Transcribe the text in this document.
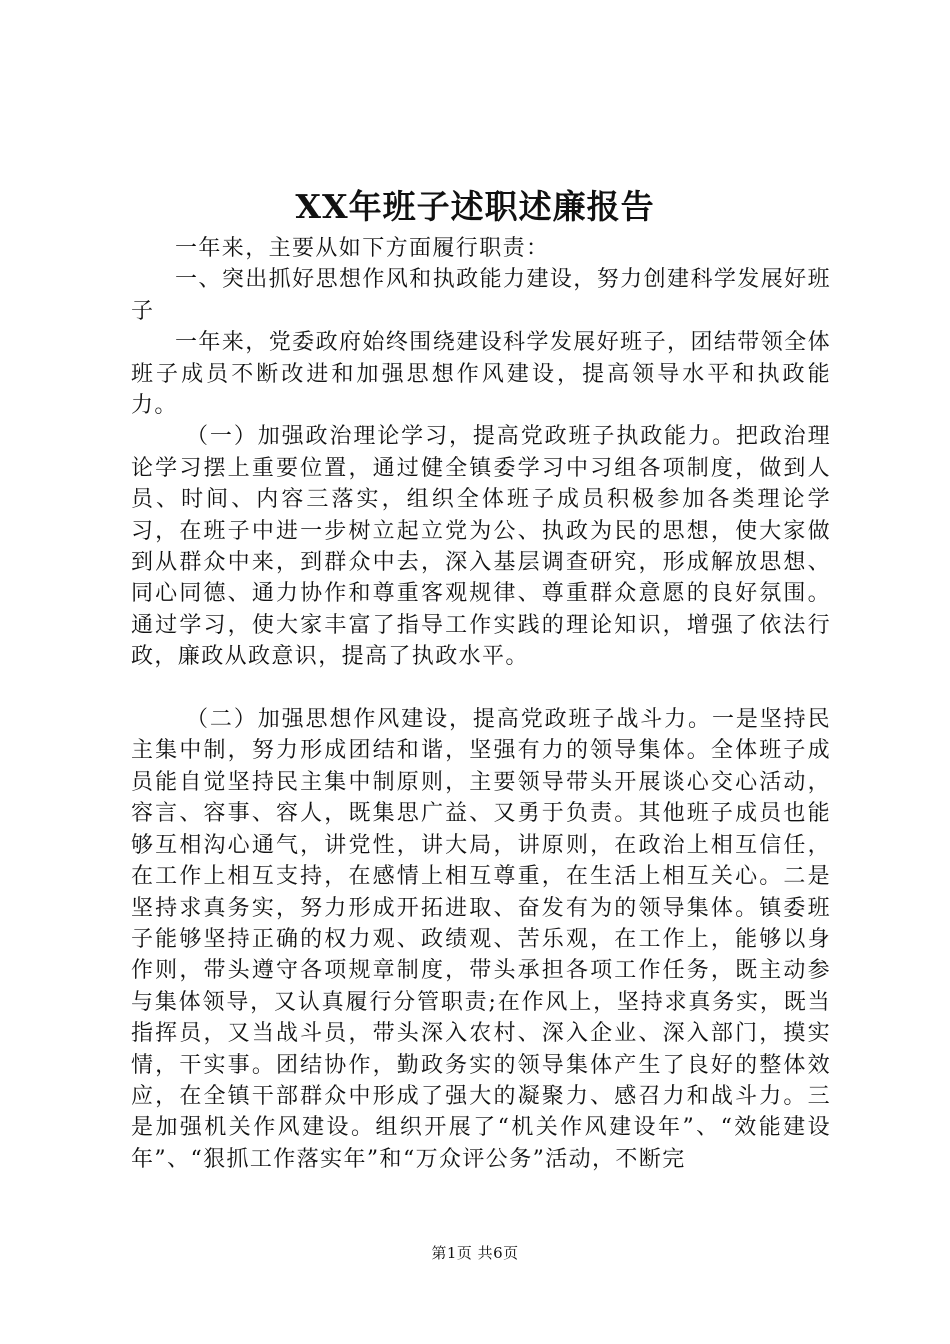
XX年班子述职述廉报告

一年来，主要从如下方面履行职责：

一、突出抓好思想作风和执政能力建设，努力创建科学发展好班子

一年来，党委政府始终围绕建设科学发展好班子，团结带领全体班子成员不断改进和加强思想作风建设，提高领导水平和执政能力。

（一）加强政治理论学习，提高党政班子执政能力。把政治理论学习摆上重要位置，通过健全镇委学习中习组各项制度，做到人员、时间、内容三落实，组织全体班子成员积极参加各类理论学习，在班子中进一步树立起立党为公、执政为民的思想，使大家做到从群众中来，到群众中去，深入基层调查研究，形成解放思想、同心同德、通力协作和尊重客观规律、尊重群众意愿的良好氛围。通过学习，使大家丰富了指导工作实践的理论知识，增强了依法行政，廉政从政意识，提高了执政水平。

（二）加强思想作风建设，提高党政班子战斗力。一是坚持民主集中制，努力形成团结和谐，坚强有力的领导集体。全体班子成员能自觉坚持民主集中制原则，主要领导带头开展谈心交心活动，容言、容事、容人，既集思广益、又勇于负责。其他班子成员也能够互相沟心通气，讲党性，讲大局，讲原则，在政治上相互信任，在工作上相互支持，在感情上相互尊重，在生活上相互关心。二是坚持求真务实，努力形成开拓进取、奋发有为的领导集体。镇委班子能够坚持正确的权力观、政绩观、苦乐观，在工作上，能够以身作则，带头遵守各项规章制度，带头承担各项工作任务，既主动参与集体领导，又认真履行分管职责;在作风上，坚持求真务实，既当指挥员，又当战斗员，带头深入农村、深入企业、深入部门，摸实情，干实事。团结协作，勤政务实的领导集体产生了良好的整体效应，在全镇干部群众中形成了强大的凝聚力、感召力和战斗力。三是加强机关作风建设。组织开展了“机关作风建设年”、“效能建设年”、“狠抓工作落实年”和“万众评公务”活动，不断完

第1页 共6页
